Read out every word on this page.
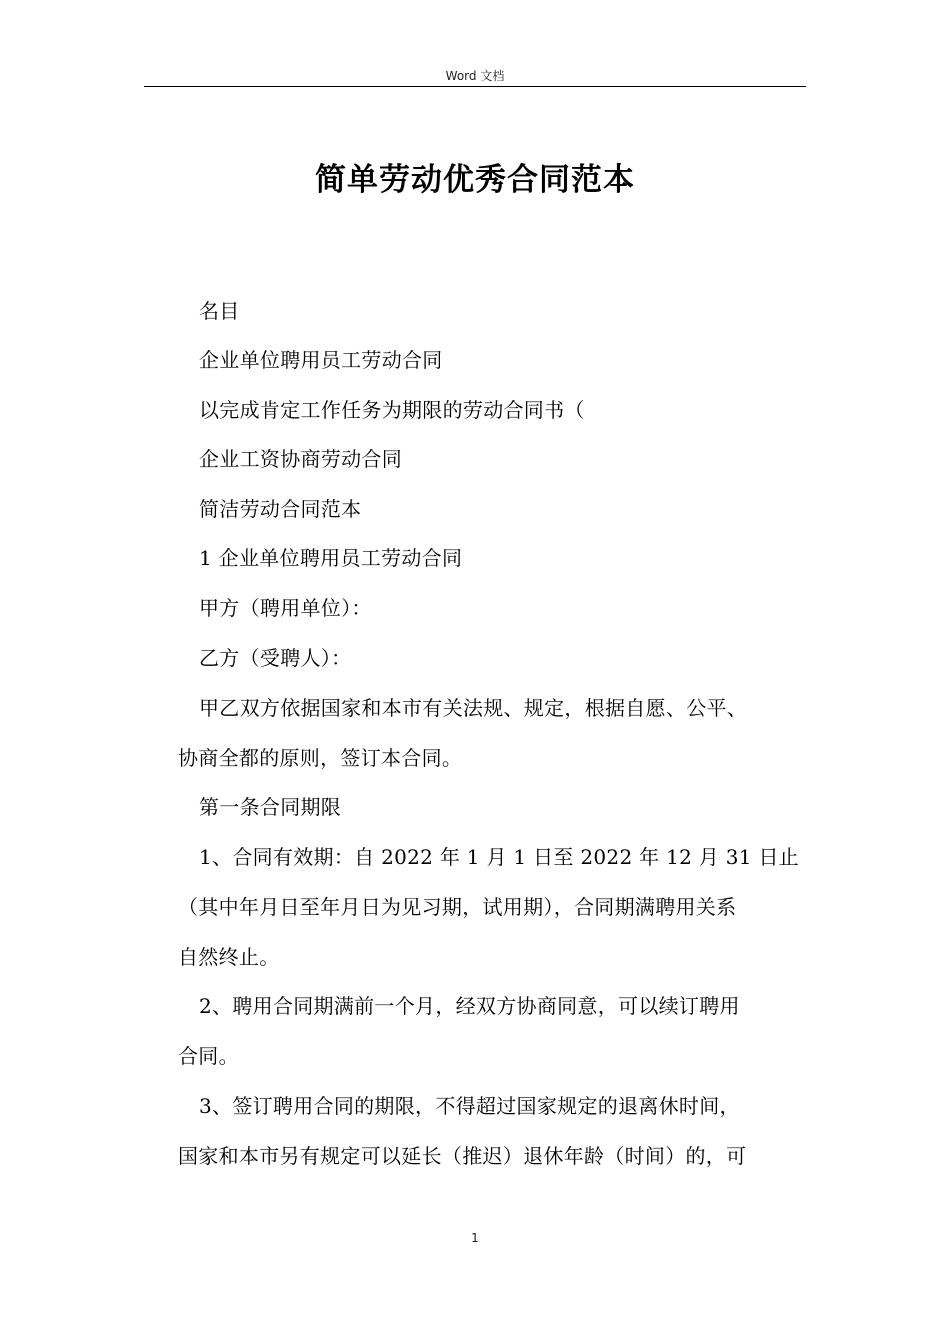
Word 文档
简单劳动优秀合同范本
名目
企业单位聘用员工劳动合同
以完成肯定工作任务为期限的劳动合同书（
企业工资协商劳动合同
简洁劳动合同范本
1 企业单位聘用员工劳动合同
甲方（聘用单位）：
乙方（受聘人）：
甲乙双方依据国家和本市有关法规、规定，根据自愿、公平、
协商全都的原则，签订本合同。
第一条合同期限
1、合同有效期：自 2022 年 1 月 1 日至 2022 年 12 月 31 日止
（其中年月日至年月日为见习期，试用期），合同期满聘用关系
自然终止。
2、聘用合同期满前一个月，经双方协商同意，可以续订聘用
合同。
3、签订聘用合同的期限，不得超过国家规定的退离休时间，
国家和本市另有规定可以延长（推迟）退休年龄（时间）的，可
1
